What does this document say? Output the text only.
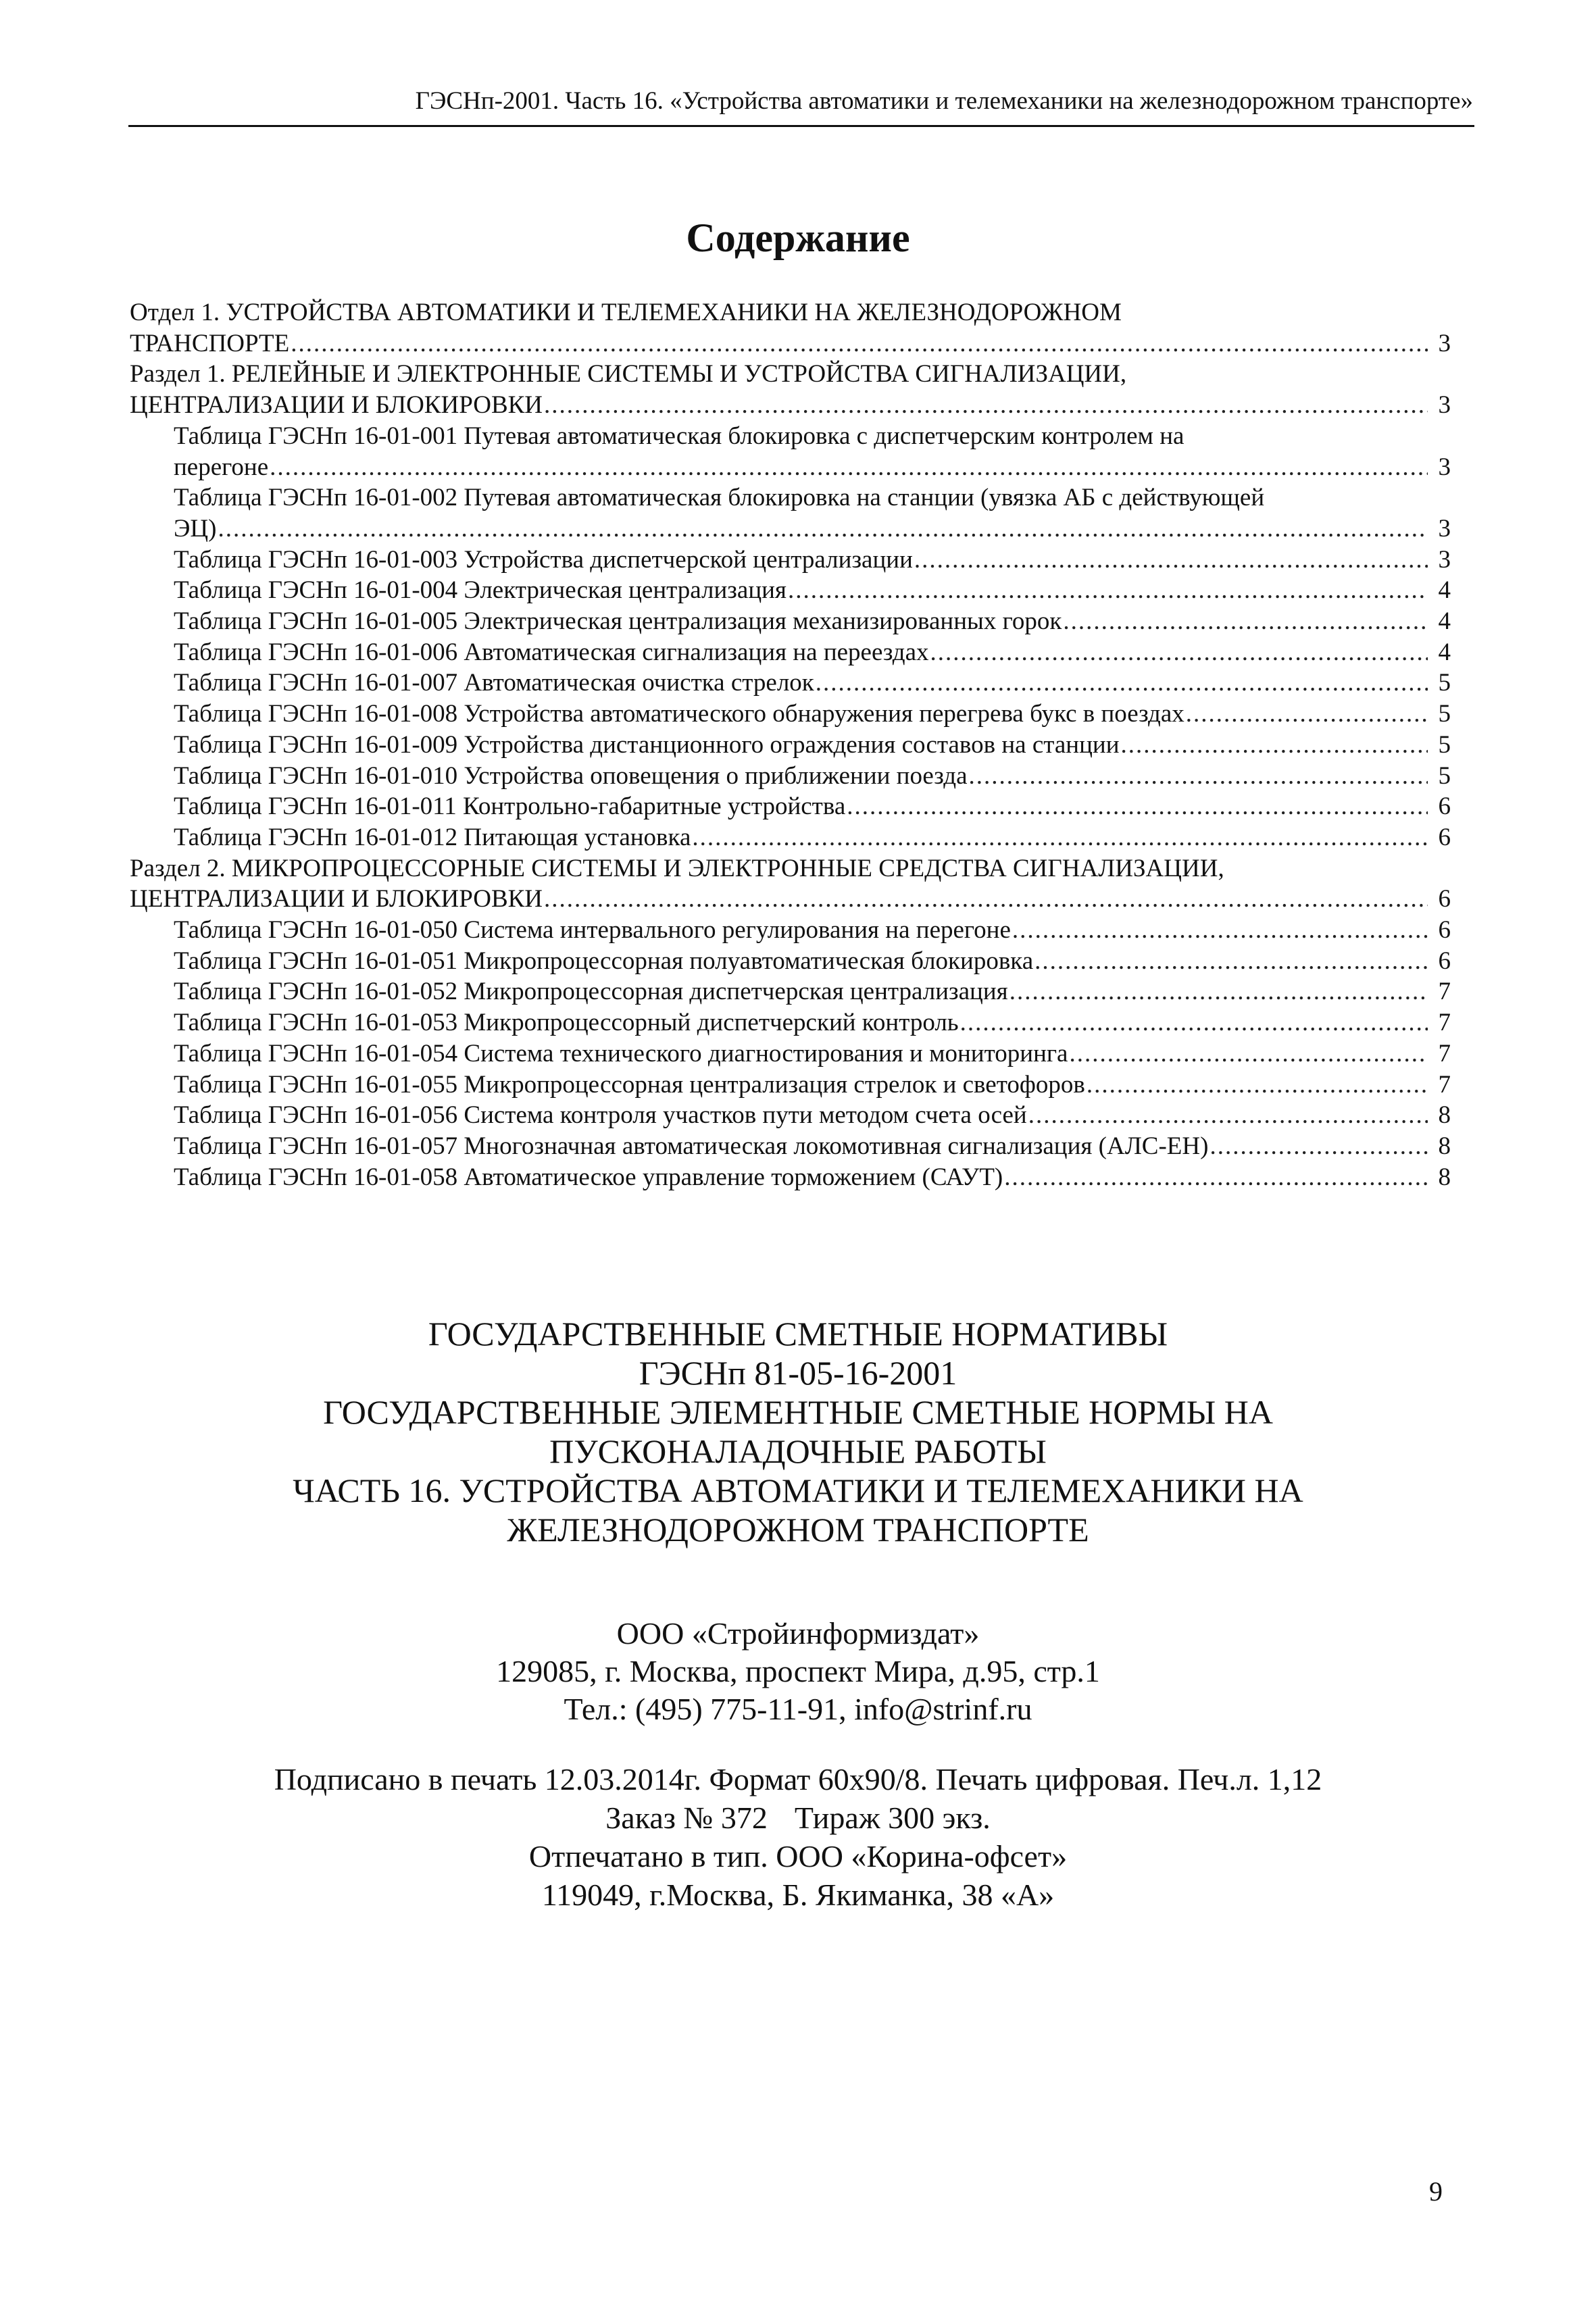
ГЭСНп-2001. Часть 16. «Устройства автоматики и телемеханики на железнодорожном транспорте»
Содержание
Отдел 1. УСТРОЙСТВА АВТОМАТИКИ И ТЕЛЕМЕХАНИКИ НА ЖЕЛЕЗНОДОРОЖНОМ
ТРАНСПОРТЕ .....	3
Раздел 1. РЕЛЕЙНЫЕ И ЭЛЕКТРОННЫЕ СИСТЕМЫ И УСТРОЙСТВА СИГНАЛИЗАЦИИ,
ЦЕНТРАЛИЗАЦИИ И БЛОКИРОВКИ .....	3
Таблица ГЭСНп 16-01-001 Путевая автоматическая блокировка с диспетчерским контролем на
перегоне .....	3
Таблица ГЭСНп 16-01-002 Путевая автоматическая блокировка на станции (увязка АБ с действующей
ЭЦ) .....	3
Таблица ГЭСНп 16-01-003 Устройства диспетчерской централизации .....	3
Таблица ГЭСНп 16-01-004 Электрическая централизация .....	4
Таблица ГЭСНп 16-01-005 Электрическая централизация механизированных горок .....	4
Таблица ГЭСНп 16-01-006 Автоматическая сигнализация на переездах .....	4
Таблица ГЭСНп 16-01-007 Автоматическая очистка стрелок .....	5
Таблица ГЭСНп 16-01-008 Устройства автоматического обнаружения перегрева букс в поездах .....	5
Таблица ГЭСНп 16-01-009 Устройства дистанционного ограждения составов на станции .....	5
Таблица ГЭСНп 16-01-010 Устройства оповещения о приближении поезда .....	5
Таблица ГЭСНп 16-01-011 Контрольно-габаритные устройства .....	6
Таблица ГЭСНп 16-01-012 Питающая установка .....	6
Раздел 2. МИКРОПРОЦЕССОРНЫЕ СИСТЕМЫ И ЭЛЕКТРОННЫЕ СРЕДСТВА СИГНАЛИЗАЦИИ,
ЦЕНТРАЛИЗАЦИИ И БЛОКИРОВКИ .....	6
Таблица ГЭСНп 16-01-050 Система интервального регулирования на перегоне .....	6
Таблица ГЭСНп 16-01-051 Микропроцессорная полуавтоматическая блокировка .....	6
Таблица ГЭСНп 16-01-052 Микропроцессорная диспетчерская централизация .....	7
Таблица ГЭСНп 16-01-053 Микропроцессорный диспетчерский контроль .....	7
Таблица ГЭСНп 16-01-054 Система технического диагностирования и мониторинга .....	7
Таблица ГЭСНп 16-01-055 Микропроцессорная централизация стрелок и светофоров .....	7
Таблица ГЭСНп 16-01-056 Система контроля участков пути методом счета осей .....	8
Таблица ГЭСНп 16-01-057 Многозначная автоматическая локомотивная сигнализация (АЛС-ЕН) .....	8
Таблица ГЭСНп 16-01-058 Автоматическое управление торможением (САУТ) .....	8
ГОСУДАРСТВЕННЫЕ СМЕТНЫЕ НОРМАТИВЫ
ГЭСНп 81-05-16-2001
ГОСУДАРСТВЕННЫЕ ЭЛЕМЕНТНЫЕ СМЕТНЫЕ НОРМЫ НА
ПУСКОНАЛАДОЧНЫЕ РАБОТЫ
ЧАСТЬ 16. УСТРОЙСТВА АВТОМАТИКИ И ТЕЛЕМЕХАНИКИ НА
ЖЕЛЕЗНОДОРОЖНОМ ТРАНСПОРТЕ
ООО «Стройинформиздат»
129085, г. Москва, проспект Мира, д.95, стр.1
Тел.: (495) 775-11-91, info@strinf.ru
Подписано в печать 12.03.2014г. Формат 60х90/8. Печать цифровая. Печ.л. 1,12
Заказ № 372 Тираж 300 экз.
Отпечатано в тип. ООО «Корина-офсет»
119049, г.Москва, Б. Якиманка, 38 «А»
9
